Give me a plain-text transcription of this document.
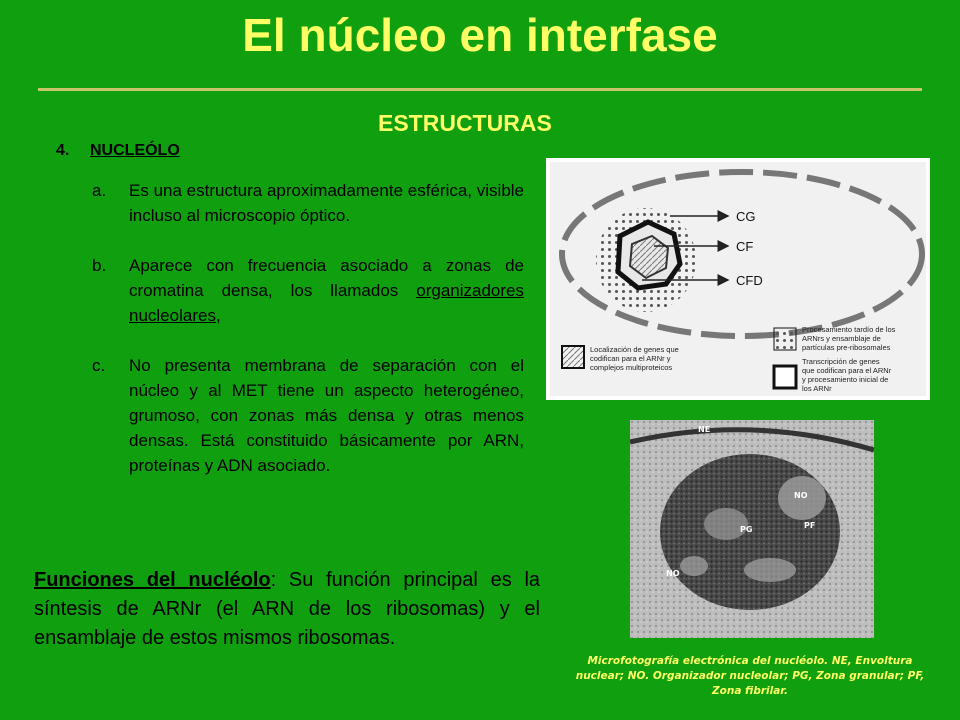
El núcleo en interfase
ESTRUCTURAS
4. NUCLEÓLO
a.	Es una estructura aproximadamente esférica, visible incluso al microscopio óptico.
b.	Aparece con frecuencia asociado a zonas de cromatina densa, los llamados organizadores nucleolares,
c.	No presenta membrana de separación con el núcleo y al MET tiene un aspecto heterogéneo, grumoso, con zonas más densa y otras menos densas. Está constituido básicamente por ARN, proteínas y ADN asociado.
Funciones del nucléolo: Su función principal es la síntesis de ARNr (el ARN de los ribosomas) y el ensamblaje de estos mismos ribosomas.
CG
CF
CFD
Localización de genes que
codifican para el ARNr y
complejos multiproteicos
Procesamiento tardío de los
ARNrs y ensamblaje de
partículas pre-ribosomales
Transcripción de genes
que codifican para el ARNr
y procesamiento inicial de
los ARNr
NE
NO
PF
PG
NO
Microfotografía electrónica del nucléolo. NE, Envoltura nuclear; NO. Organizador nucleolar; PG, Zona granular; PF, Zona fibrilar.
